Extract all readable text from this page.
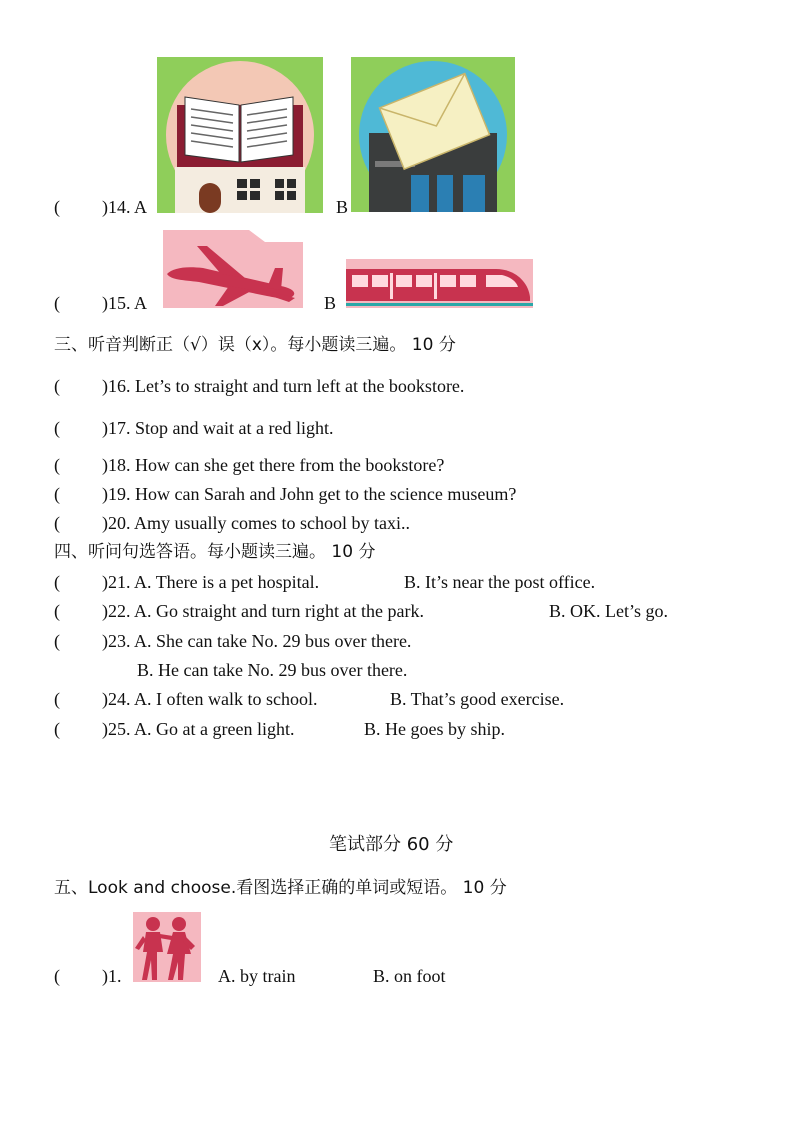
( )14. A	B
( )15. A	B
三、听音判断正（√）误（x）。每小题读三遍。 10 分
( )16. Let’s to straight and turn left at the bookstore.
( )17. Stop and wait at a red light.
( )18. How can she get there from the bookstore?
( )19. How can Sarah and John get to the science museum?
( )20. Amy usually comes to school by taxi..
四、听问句选答语。每小题读三遍。 10 分
( )21. A. There is a pet hospital.	B. It’s near the post office.
( )22. A. Go straight and turn right at the park.	B. OK. Let’s go.
( )23. A. She can take No. 29 bus over there.
B. He can take No. 29 bus over there.
( )24. A. I often walk to school.	B. That’s good exercise.
( )25. A. Go at a green light.	B. He goes by ship.
笔试部分 60 分
五、Look and choose.看图选择正确的单词或短语。 10 分
( )1.	A. by train	B. on foot
